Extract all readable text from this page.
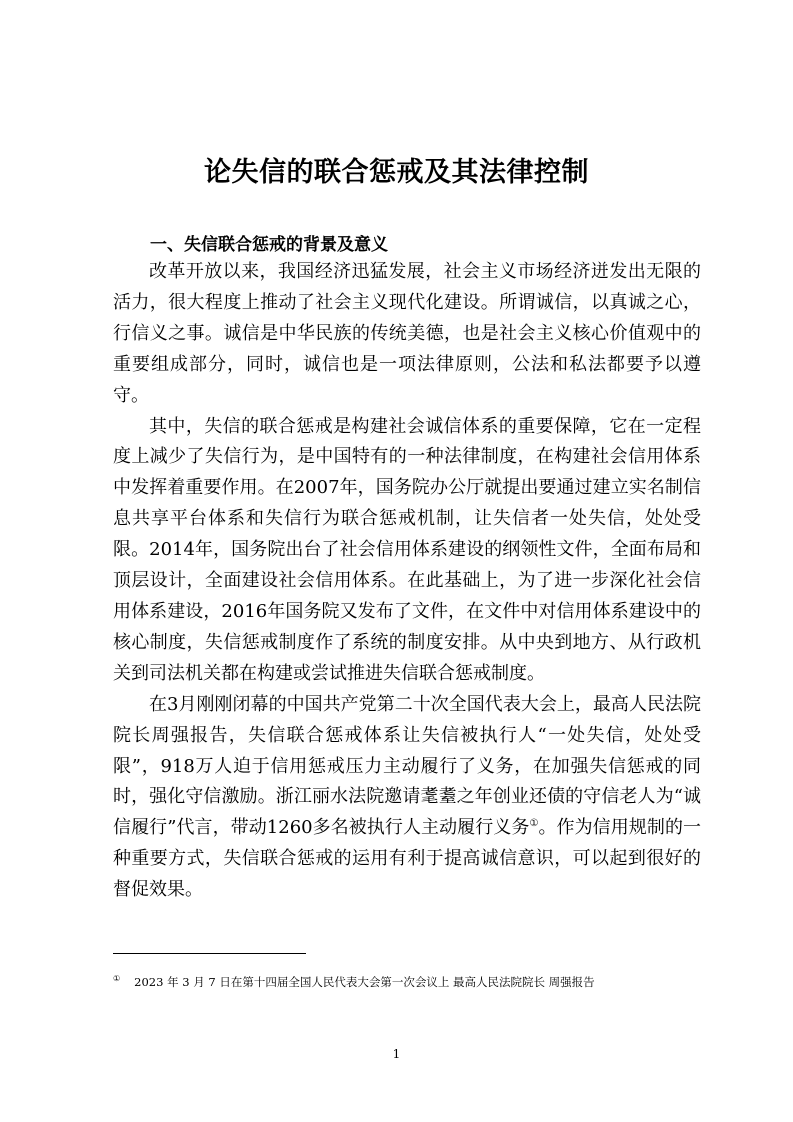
论失信的联合惩戒及其法律控制
一、失信联合惩戒的背景及意义

改革开放以来，我国经济迅猛发展，社会主义市场经济迸发出无限的活力，很大程度上推动了社会主义现代化建设。所谓诚信，以真诚之心，行信义之事。诚信是中华民族的传统美德，也是社会主义核心价值观中的重要组成部分，同时，诚信也是一项法律原则，公法和私法都要予以遵守。

其中，失信的联合惩戒是构建社会诚信体系的重要保障，它在一定程度上减少了失信行为，是中国特有的一种法律制度，在构建社会信用体系中发挥着重要作用。在2007年，国务院办公厅就提出要通过建立实名制信息共享平台体系和失信行为联合惩戒机制，让失信者一处失信，处处受限。2014年，国务院出台了社会信用体系建设的纲领性文件，全面布局和顶层设计，全面建设社会信用体系。在此基础上，为了进一步深化社会信用体系建设，2016年国务院又发布了文件，在文件中对信用体系建设中的核心制度，失信惩戒制度作了系统的制度安排。从中央到地方、从行政机关到司法机关都在构建或尝试推进失信联合惩戒制度。

在3月刚刚闭幕的中国共产党第二十次全国代表大会上，最高人民法院院长周强报告，失信联合惩戒体系让失信被执行人“一处失信，处处受限”，918万人迫于信用惩戒压力主动履行了义务，在加强失信惩戒的同时，强化守信激励。浙江丽水法院邀请耄耋之年创业还债的守信老人为“诚信履行”代言，带动1260多名被执行人主动履行义务①。作为信用规制的一种重要方式，失信联合惩戒的运用有利于提高诚信意识，可以起到很好的督促效果。

① 2023 年 3 月 7 日在第十四届全国人民代表大会第一次会议上 最高人民法院院长 周强报告
1
